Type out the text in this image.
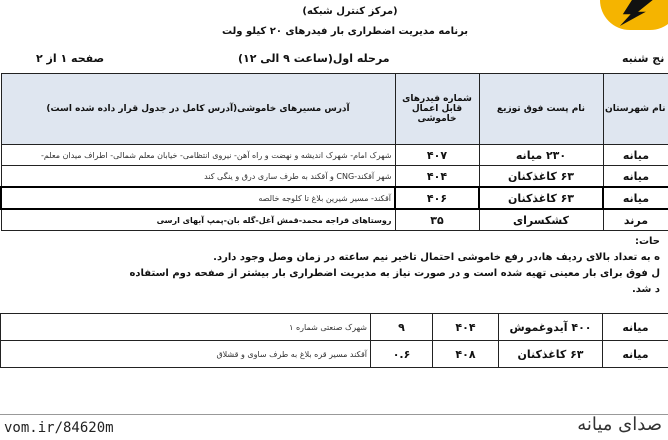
(مرکز کنترل شبکه)
برنامه مدیریت اضطراری بار فیدرهای ۲۰ کیلو ولت
صفحه ۱ از ۲	مرحله اول(ساعت ۹ الی ۱۲)	نج شنبه
نام شهرستان	نام پست فوق توزیع	شماره فیدرهای قابل اعمال خاموشی	آدرس مسیرهای خاموشی(آدرس کامل در جدول قرار داده شده است)
میانه	۲۳۰ میانه	۴۰۷	شهرک امام- شهرک اندیشه و نهضت و راه آهن- نیروی انتظامی- خیابان معلم شمالی- اطراف میدان معلم-
میانه	۶۳ کاغذکنان	۴۰۴	شهر آقکند-CNG و آقکند به طرف ساری درق و ینگی کند
میانه	۶۳ کاغذکنان	۴۰۶	آقکند- مسیر شیرین بلاغ تا کلوجه خالصه
مرند	کشکسرای	۳۵	روستاهای قراجه محمد-قمش آغل-گله بان-پمپ آبهای ارسی

حات:

ه به تعداد بالای ردیف ها،در رفع خاموشی احتمال تاخیر نیم ساعته در زمان وصل وجود دارد.

ل فوق برای بار معینی تهیه شده است و در صورت نیاز به مدیریت اضطراری بار بیشتر از صفحه دوم استفاده

د شد.

میانه	۴۰۰ آیدوغموش	۴۰۴	۹	شهرک صنعتی شماره ۱
میانه	۶۳ کاغذکنان	۴۰۸	۰.۶	آقکند مسیر قره بلاغ به طرف ساوی و قشلاق
vom.ir/84620m	صدای میانه
